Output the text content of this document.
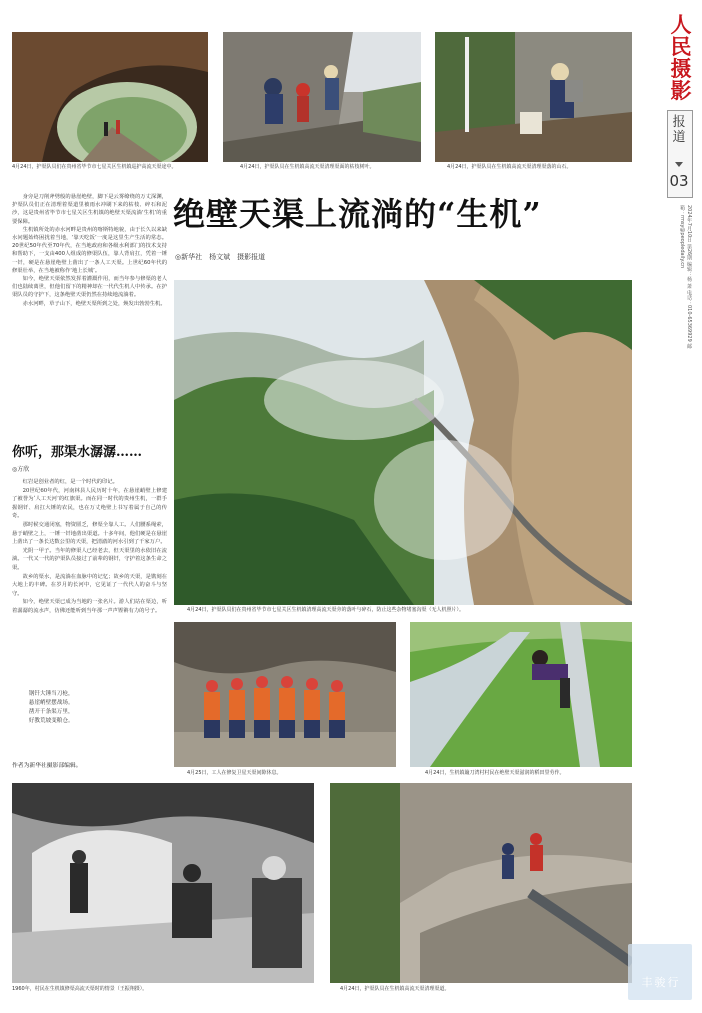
人民摄影
报道
03
2024年7月10日 第26期 编辑：杨 萧 电话：010-65369929 邮箱：rmsy@peopledaily.cn
4月24日，护渠队员们在贵州省毕节市七星关区生机镇巡护高流天渠途中。	4月24日，护渠队员在生机镇高流天渠清理渠面的枯枝树叶。	4月24日，护渠队员在生机镇高流天渠清理渠落的山石。

身旁是刀削斧劈般的悬崖绝壁，脚下是云雾缭绕的万丈深渊，护渠队员们正在清理着渠道里被雨水冲刷下来的枯枝、碎石和泥沙，这是贵州省毕节市七星关区生机镇的绝壁天渠流淌‘生机’的重要保障。

生机镇所处的赤水河畔是贵州的喀斯特地貌，由于长久以来缺水问题始终困扰着当地，‘靠天吃饭’一度是这里生产生活的常态。20世纪50年代至70年代，在当地政府和各级水利部门的技术支持和帮助下，一支由400人组成的修渠队伍，靠人背肩扛，凭着一锤一钎，硬是在悬崖绝壁上凿出了一条人工天渠。上世纪60年代的修渠壮举，在当地被称作‘地上长城’。

如今，绝壁天渠依然发挥着灌溉作用，而当年参与修渠的老人们也陆续离世，但他们留下的精神却在一代代生机人中传承。在护渠队员的守护下，这条绝壁天渠仍然在持续地流淌着。

赤水河畔，草子山下，绝壁天渠所到之处，焕发出勃勃生机。

绝壁天渠上流淌的“生机”
◎新华社　杨文斌　摄影报道
4月24日，护渠队员们在贵州省毕节市七星关区生机镇清理高流天渠旁的落叶与碎石，防止这些杂物堵塞沟渠（无人机照片）。
你听，那渠水潺潺……
◎方欣

红岩是创业者的红，是一个时代的印记。

20世纪60年代，河南林县人民历时十年，在悬崖峭壁上修建了被誉为‘人工天河’的红旗渠。而在同一时代的贵州生机，一群手握钢钎、肩扛大锤的农民，也在万丈绝壁上书写着属于自己的传奇。

那时候交通闭塞，物资匮乏，修渠全靠人工。人们腰系绳索，悬于峭壁之上，一锤一钎地凿出渠道。十多年间，他们硬是在悬崖上凿出了一条长达数公里的天渠，把清澈的河水引到了千家万户。

光阴一甲子。当年的修渠人已经老去，但天渠里的水依旧在流淌。一代又一代的护渠队员接过了前辈的钢钎，守护着这条生命之渠。

故乡的渠水，是流淌在血脉中的记忆；故乡的天渠，是镌刻在大地上的丰碑。在岁月的长河中，它见证了一代代人的奋斗与坚守。

如今，绝壁天渠已成为当地的一张名片。游人们站在渠边，听着潺潺的流水声，仿佛还能听到当年那一声声铿锵有力的号子。

钢钎大锤当刀枪，

悬崖峭壁摆战场。

凿开千条渠万里，

好教荒坡变粮仓。

作者为新华社摄影部编辑。
4月25日，工人在修复卫星天渠间隙休息。	4月24日，生机镇簸刀湾村村民在绝壁天渠滋润的稻田里劳作。
1960年，村民在生机镇修渠高流天渠时的情景（王振翔摄）。	4月24日，护渠队员在生机镇高流天渠清理渠道。	丰骏行
